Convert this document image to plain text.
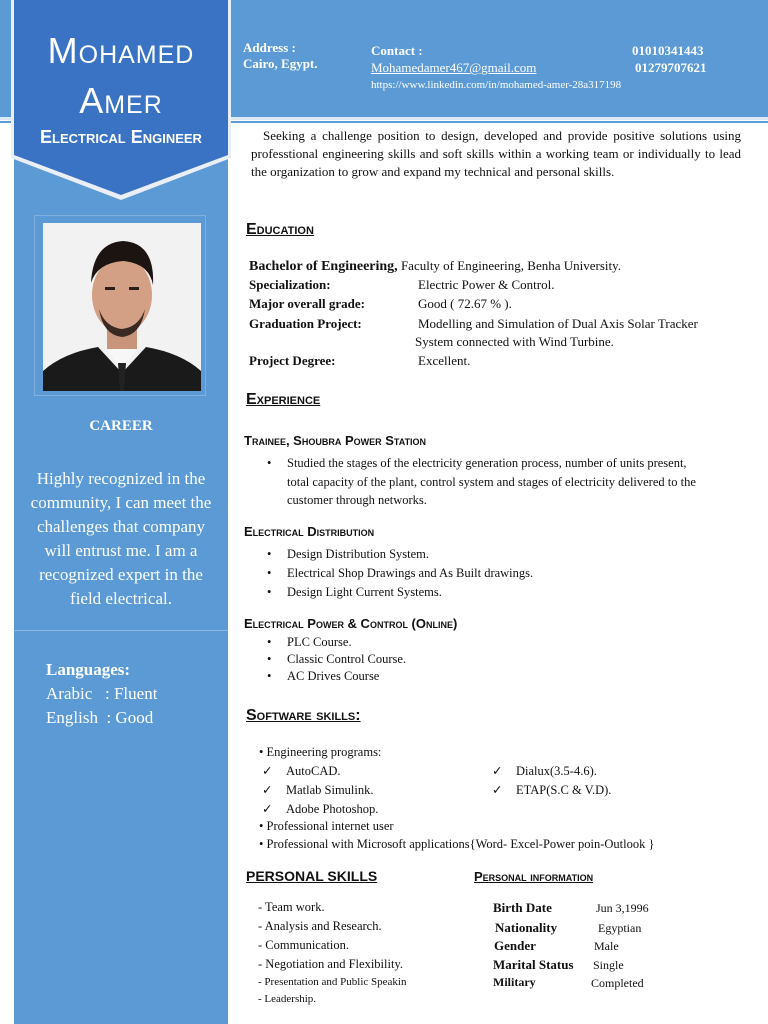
Mohamed
Amer
Electrical Engineer
CAREER
Highly recognized in the community, I can meet the challenges that company will entrust me. I am a recognized expert in the field electrical.
Languages:
Arabic   : Fluent
English  : Good
Address :
Cairo, Egypt.
Contact :
Mohamedamer467@gmail.com
https://www.linkedin.com/in/mohamed-amer-28a317198
01010341443
01279707621
Seeking a challenge position to design, developed and provide positive solutions using professtional engineering skills and soft skills within a working team or individually to lead the organization to grow and expand my technical and personal skills.
Education
Bachelor of Engineering, Faculty of Engineering, Benha University.
Specialization:	Electric Power & Control.
Major overall grade:	Good ( 72.67 % ).
Graduation Project:	Modelling and Simulation of Dual Axis Solar Tracker
System connected with Wind Turbine.
Project Degree:	Excellent.
Experience
Trainee, Shoubra Power Station
• Studied the stages of the electricity generation process, number of units present, total capacity of the plant, control system and stages of electricity delivered to the customer through networks.
Electrical Distribution
• Design Distribution System.
• Electrical Shop Drawings and As Built drawings.
• Design Light Current Systems.
Electrical Power & Control (Online)
• PLC Course.
• Classic Control Course.
• AC Drives Course
Software skills:
• Engineering programs:
✓ AutoCAD.
✓ Matlab Simulink.
✓ Adobe Photoshop.
✓ Dialux(3.5-4.6).
✓ ETAP(S.C & V.D).
• Professional internet user
• Professional with Microsoft applications{Word- Excel-Power poin-Outlook }
PERSONAL SKILLS
- Team work.
- Analysis and Research.
- Communication.
- Negotiation and Flexibility.
- Presentation and Public Speakin
- Leadership.
Personal information
Birth Date	Jun 3,1996
Nationality	Egyptian
Gender	Male
Marital Status Single
Military	Completed
